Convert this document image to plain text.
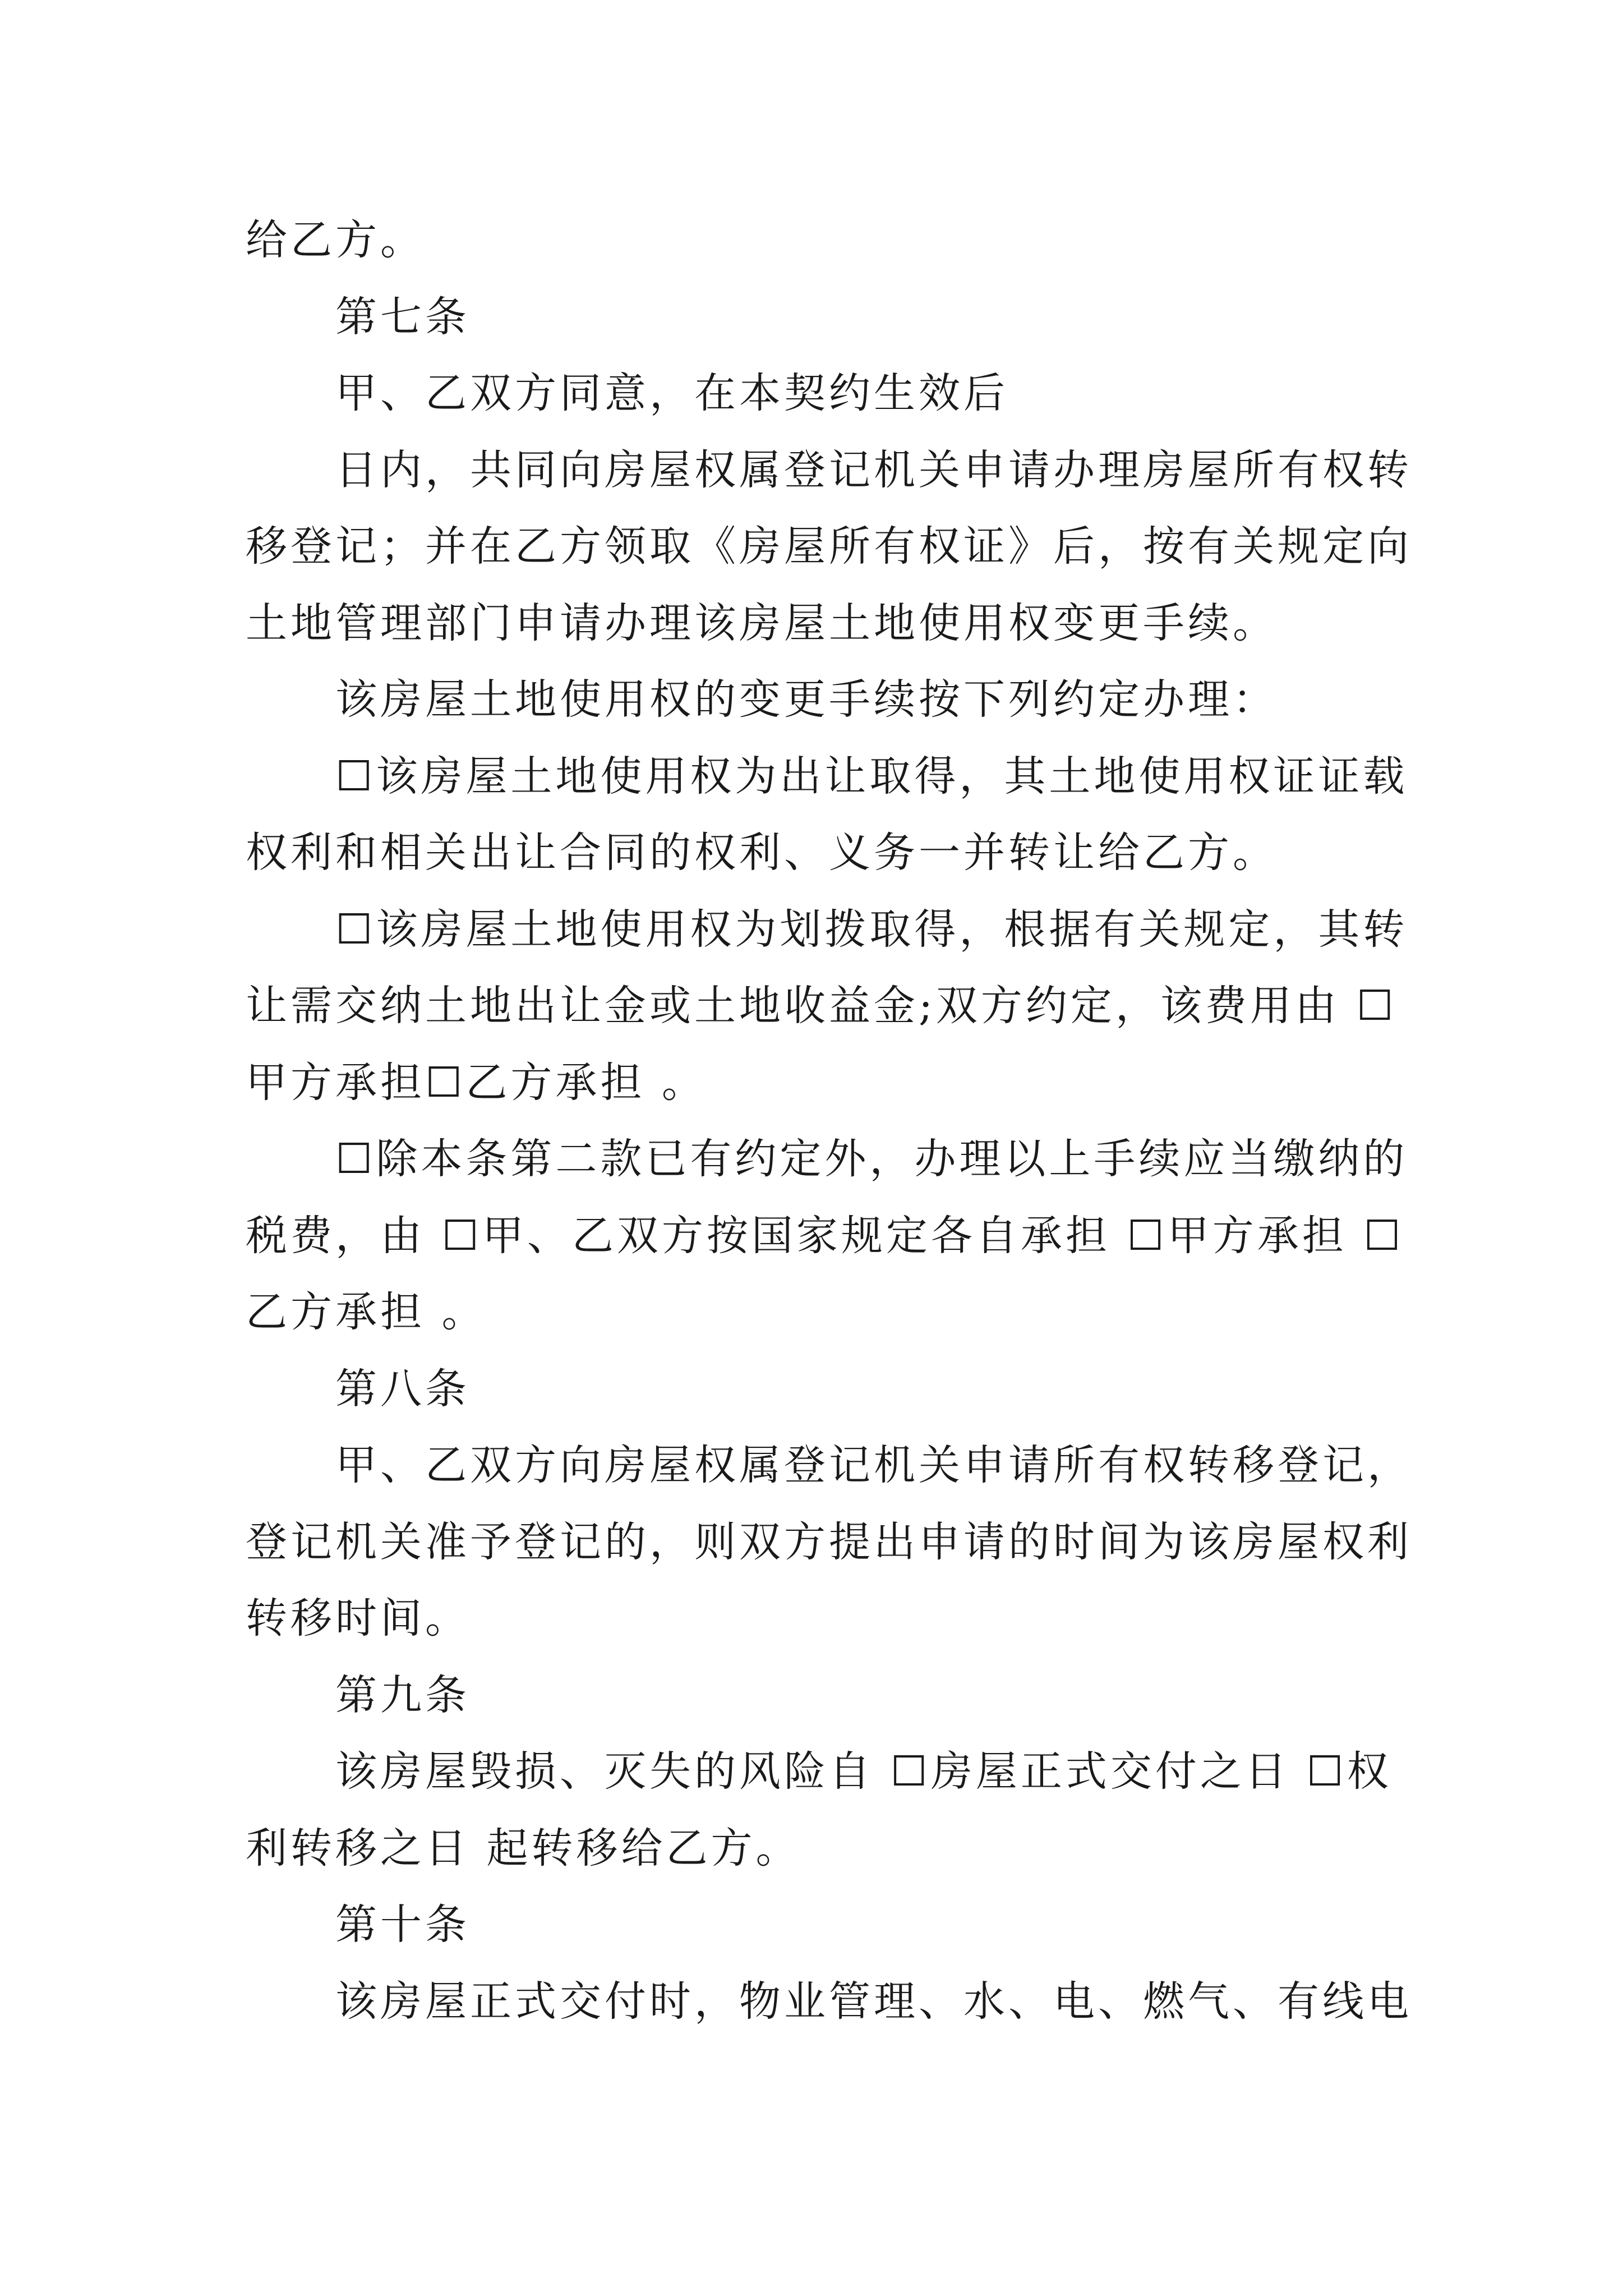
给乙方。
第七条
甲、乙双方同意，在本契约生效后
日内，共同向房屋权属登记机关申请办理房屋所有权转
移登记；并在乙方领取《房屋所有权证》后，按有关规定向
土地管理部门申请办理该房屋土地使用权变更手续。
该房屋土地使用权的变更手续按下列约定办理：
☐该房屋土地使用权为出让取得，其土地使用权证证载
权利和相关出让合同的权利、义务一并转让给乙方。
☐该房屋土地使用权为划拨取得，根据有关规定，其转
让需交纳土地出让金或土地收益金;双方约定，该费用由 ☐
甲方承担☐乙方承担 。
☐除本条第二款已有约定外，办理以上手续应当缴纳的
税费，由 ☐甲、乙双方按国家规定各自承担 ☐甲方承担 ☐
乙方承担 。
第八条
甲、乙双方向房屋权属登记机关申请所有权转移登记，
登记机关准予登记的，则双方提出申请的时间为该房屋权利
转移时间。
第九条
该房屋毁损、灭失的风险自 ☐房屋正式交付之日 ☐权
利转移之日 起转移给乙方。
第十条
该房屋正式交付时，物业管理、水、电、燃气、有线电
